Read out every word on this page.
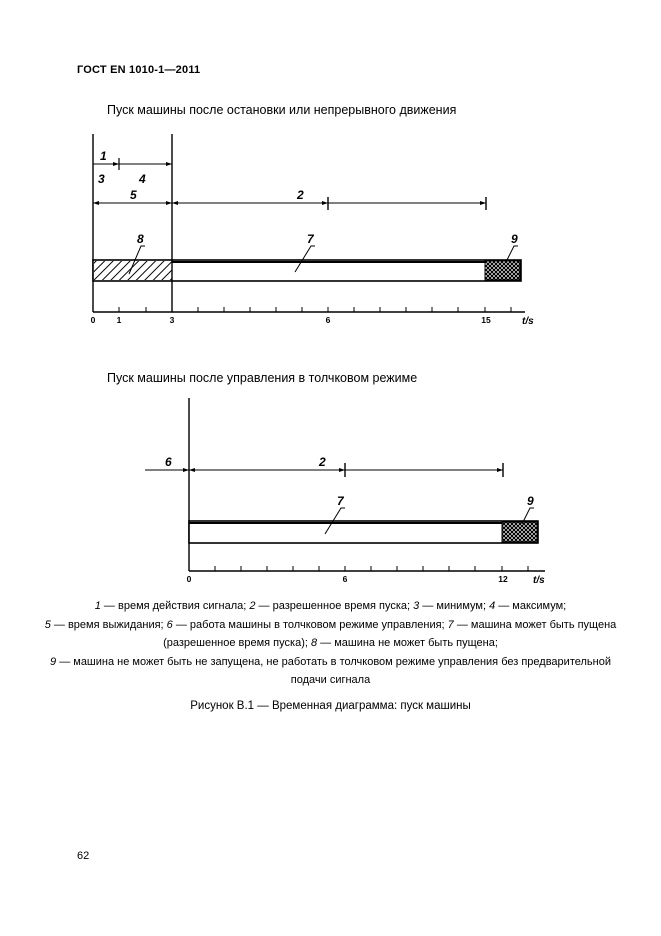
ГОСТ EN 1010-1—2011
Пуск машины после остановки или непрерывного движения
0	1	3	6	15	t/s
1
3	4
5	2
8	7	9
0	6	12	t/s
6	2
7	9
Пуск машины после управления в толчковом режиме
1 — время действия сигнала; 2 — разрешенное время пуска; 3 — минимум; 4 — максимум;
5 — время выжидания; 6 — работа машины в толчковом режиме управления; 7 — машина может быть пущена (разрешенное время пуска); 8 — машина не может быть пущена;
9 — машина не может быть не запущена, не работать в толчковом режиме управления без предварительной подачи сигнала
Рисунок В.1 — Временная диаграмма: пуск машины
62
